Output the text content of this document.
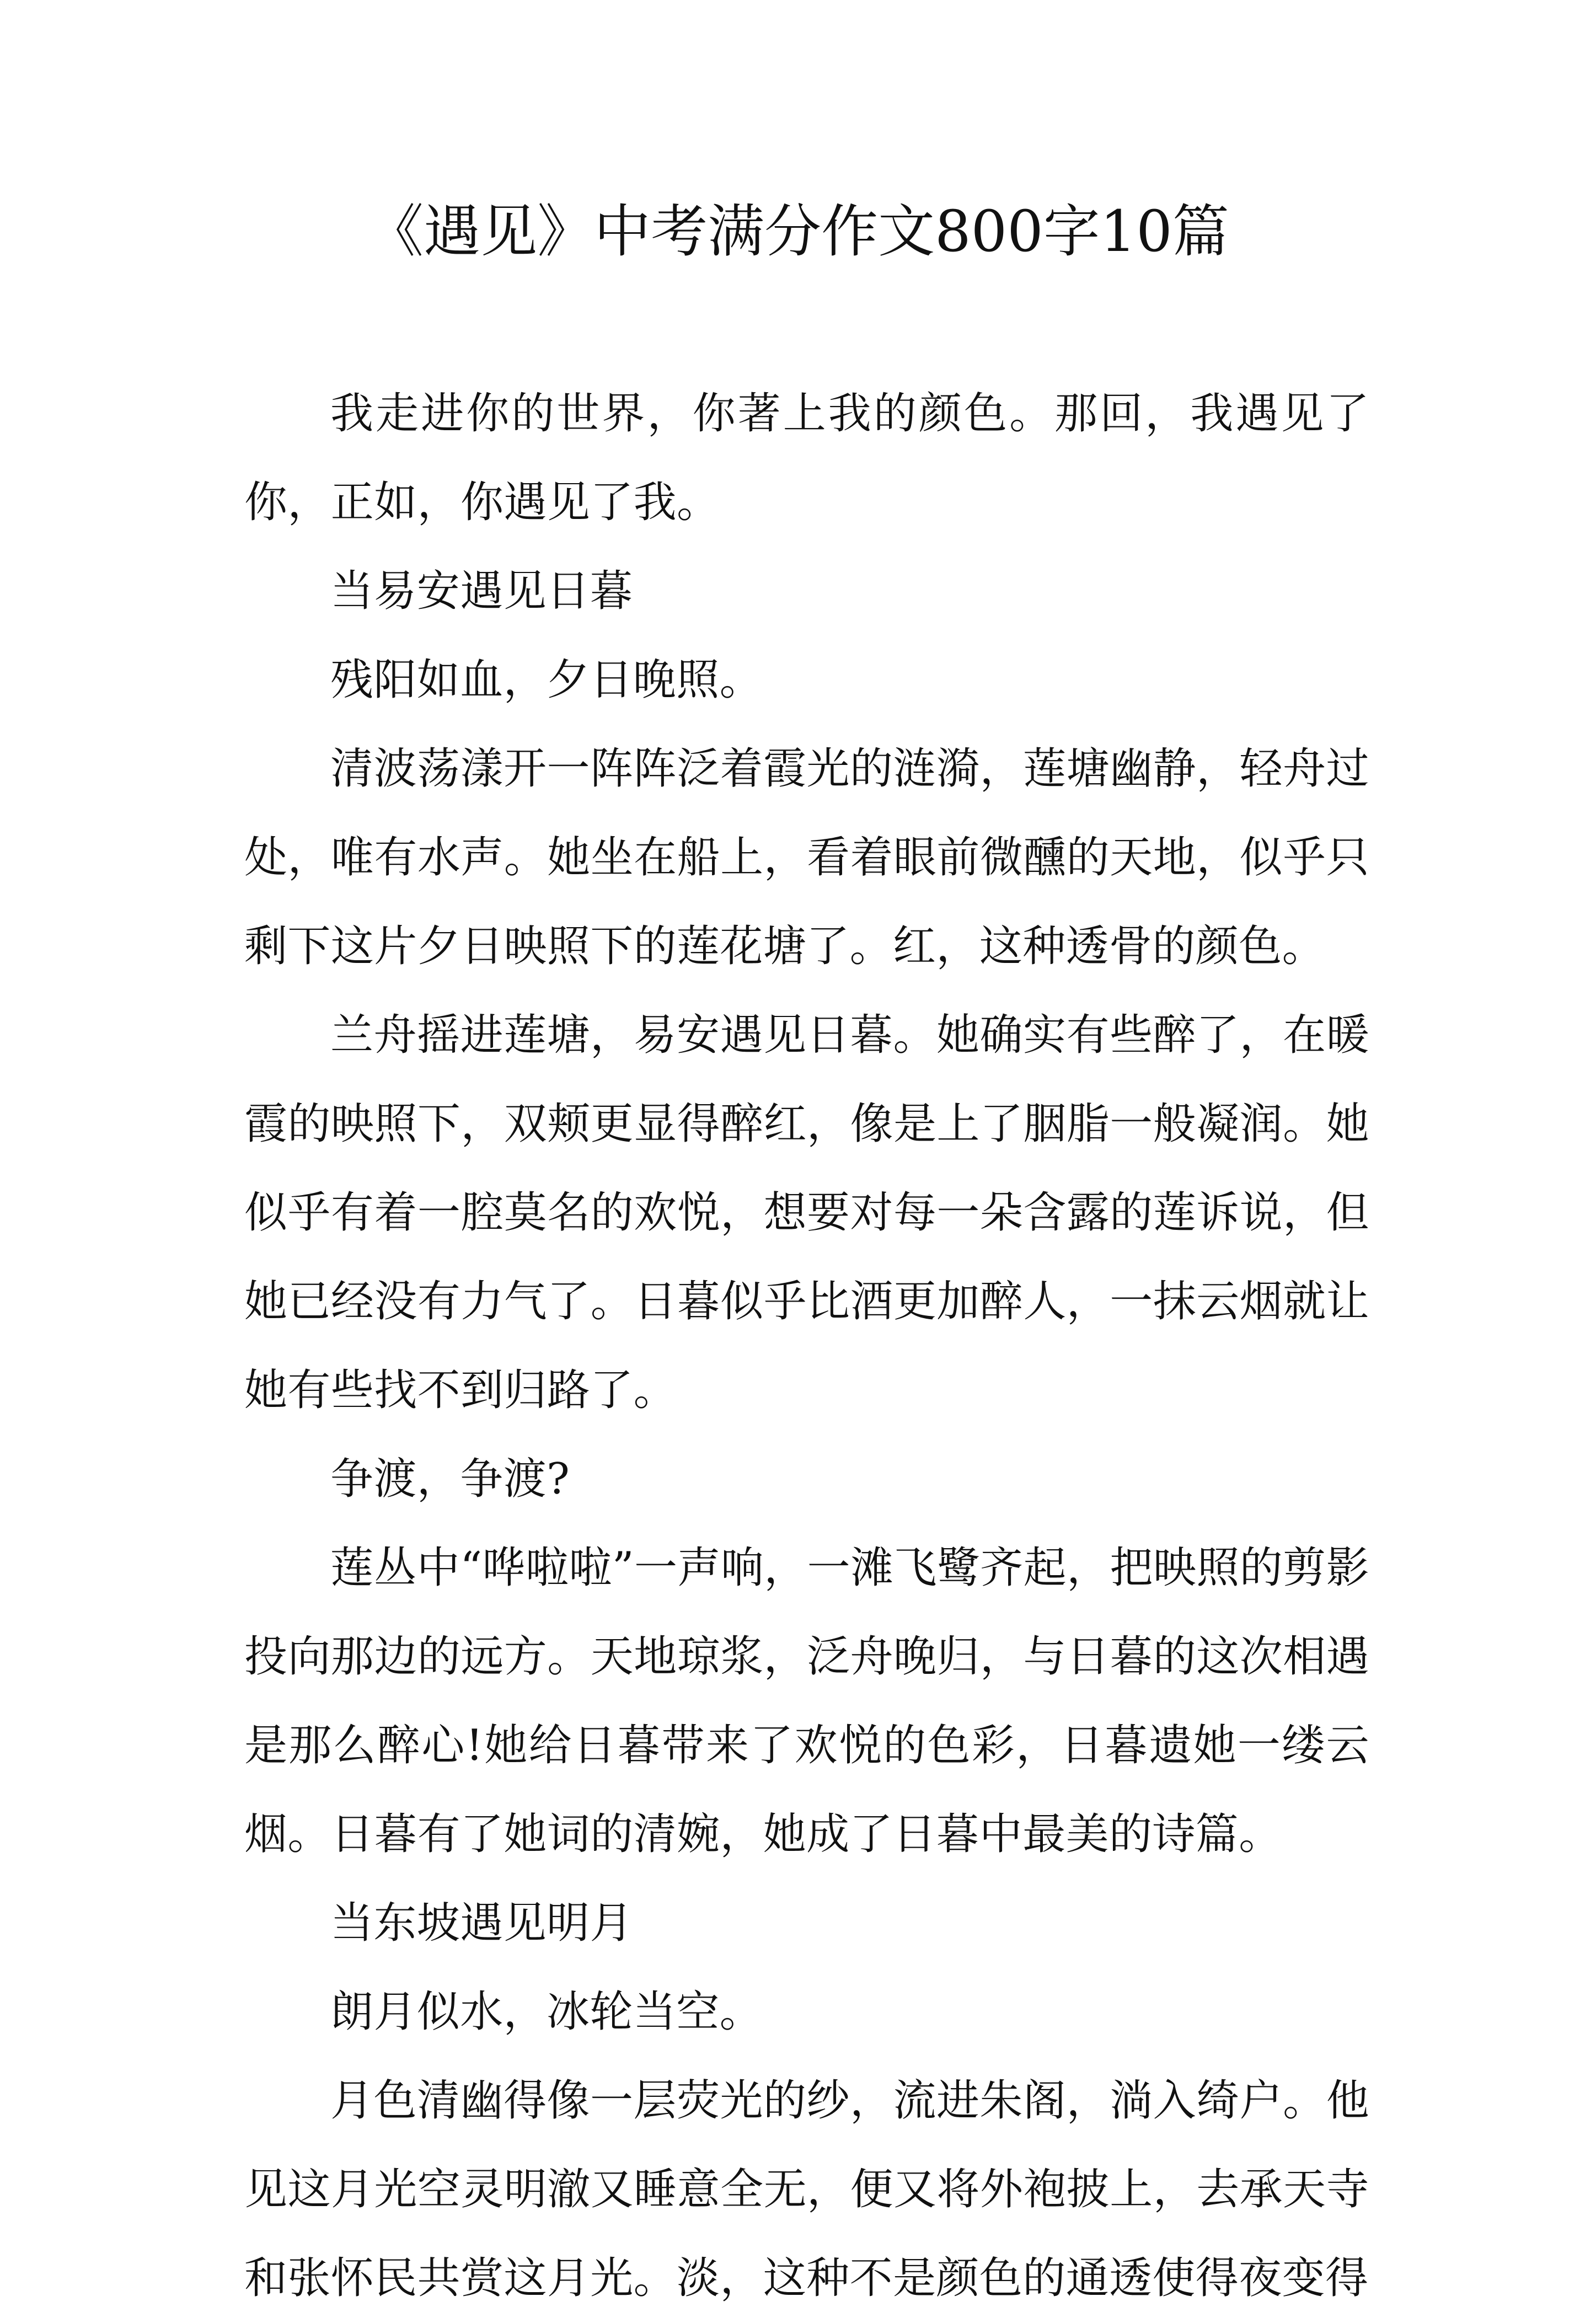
《遇见》中考满分作文800字10篇

我走进你的世界，你著上我的颜色。那回，我遇见了你，正如，你遇见了我。

当易安遇见日暮

残阳如血，夕日晚照。

清波荡漾开一阵阵泛着霞光的涟漪，莲塘幽静，轻舟过处，唯有水声。她坐在船上，看着眼前微醺的天地，似乎只剩下这片夕日映照下的莲花塘了。红，这种透骨的颜色。

兰舟摇进莲塘，易安遇见日暮。她确实有些醉了，在暖霞的映照下，双颊更显得醉红，像是上了胭脂一般凝润。她似乎有着一腔莫名的欢悦，想要对每一朵含露的莲诉说，但她已经没有力气了。日暮似乎比酒更加醉人，一抹云烟就让她有些找不到归路了。

争渡，争渡?

莲丛中“哗啦啦”一声响，一滩飞鹭齐起，把映照的剪影投向那边的远方。天地琼浆，泛舟晚归，与日暮的这次相遇是那么醉心!她给日暮带来了欢悦的色彩，日暮遗她一缕云烟。日暮有了她词的清婉，她成了日暮中最美的诗篇。

当东坡遇见明月

朗月似水，冰轮当空。

月色清幽得像一层荧光的纱，流进朱阁，淌入绮户。他见这月光空灵明澈又睡意全无，便又将外袍披上，去承天寺和张怀民共赏这月光。淡，这种不是颜色的通透使得夜变得
